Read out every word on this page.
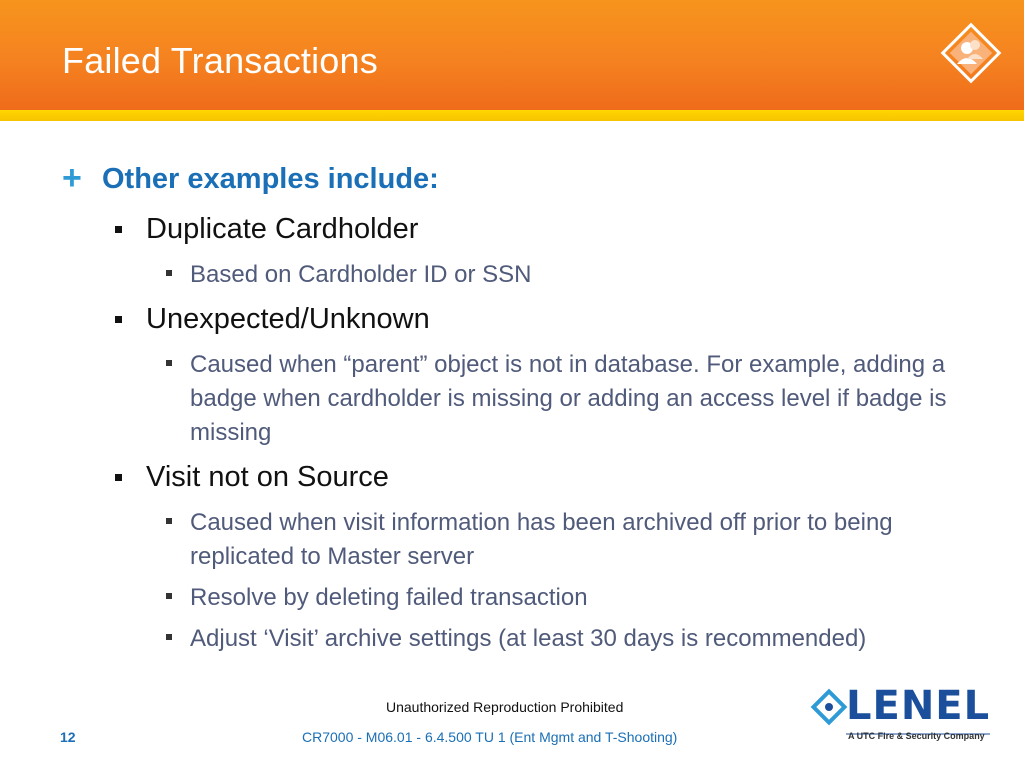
Failed Transactions
+ Other examples include:
Duplicate Cardholder
Based on Cardholder ID or SSN
Unexpected/Unknown
Caused when “parent” object is not in database. For example, adding a badge when cardholder is missing or adding an access level if badge is missing
Visit not on Source
Caused when visit information has been archived off prior to being replicated to Master server
Resolve by deleting failed transaction
Adjust ‘Visit’ archive settings (at least 30 days is recommended)
Unauthorized Reproduction Prohibited
12	CR7000 - M06.01 - 6.4.500 TU 1 (Ent Mgmt and T-Shooting)
LENEL
A UTC Fire & Security Company
